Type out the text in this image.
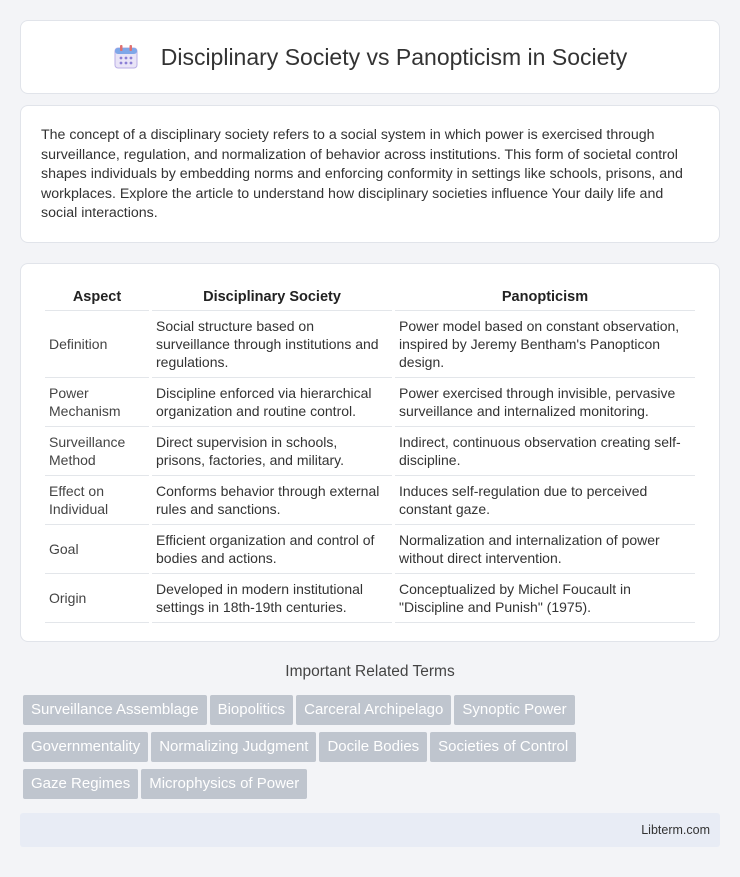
Disciplinary Society vs Panopticism in Society

The concept of a disciplinary society refers to a social system in which power is exercised through surveillance, regulation, and normalization of behavior across institutions. This form of societal control shapes individuals by embedding norms and enforcing conformity in settings like schools, prisons, and workplaces. Explore the article to understand how disciplinary societies influence Your daily life and social interactions.

Aspect	Disciplinary Society	Panopticism
Definition	Social structure based on surveillance through institutions and regulations.	Power model based on constant observation, inspired by Jeremy Bentham's Panopticon design.
Power Mechanism	Discipline enforced via hierarchical organization and routine control.	Power exercised through invisible, pervasive surveillance and internalized monitoring.
Surveillance Method	Direct supervision in schools, prisons, factories, and military.	Indirect, continuous observation creating self-discipline.
Effect on Individual	Conforms behavior through external rules and sanctions.	Induces self-regulation due to perceived constant gaze.
Goal	Efficient organization and control of bodies and actions.	Normalization and internalization of power without direct intervention.
Origin	Developed in modern institutional settings in 18th-19th centuries.	Conceptualized by Michel Foucault in "Discipline and Punish" (1975).
Important Related Terms
Surveillance Assemblage Biopolitics Carceral Archipelago Synoptic Power
Governmentality Normalizing Judgment Docile Bodies Societies of Control
Gaze Regimes Microphysics of Power
Libterm.com
